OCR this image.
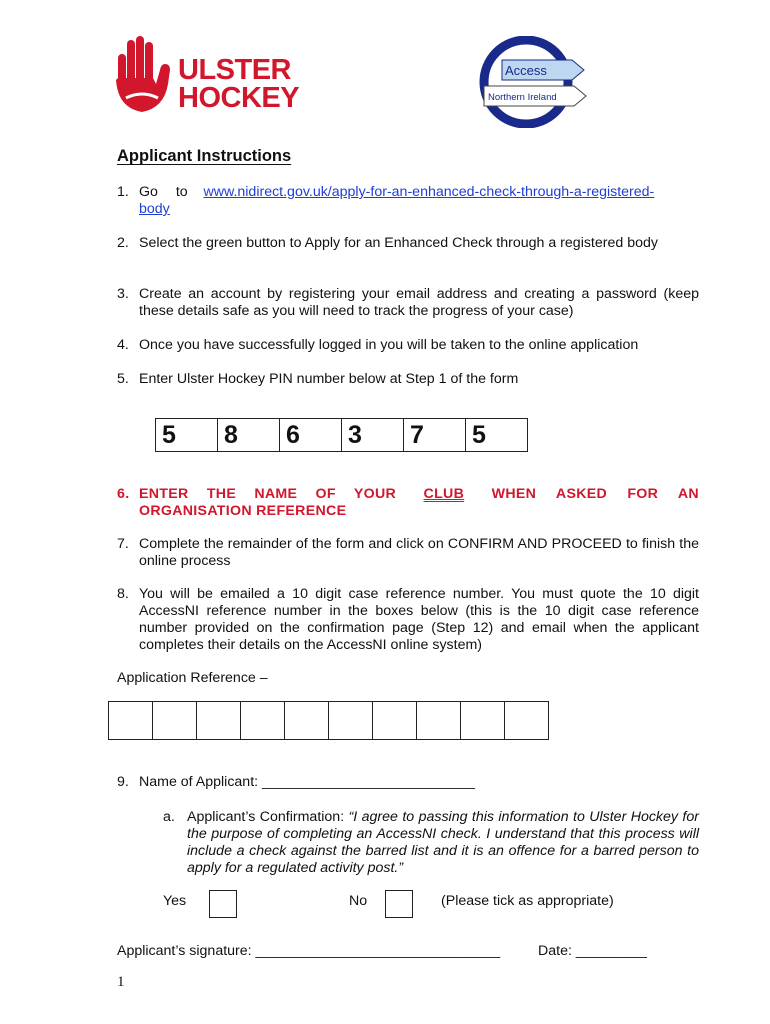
ULSTER
HOCKEY
Access
Northern Ireland
Applicant Instructions
1. Go to www.nidirect.gov.uk/apply-for-an-enhanced-check-through-a-registered-
body
2. Select the green button to Apply for an Enhanced Check through a registered body
3. Create an account by registering your email address and creating a password (keep these details safe as you will need to track the progress of your case)
4. Once you have successfully logged in you will be taken to the online application
5. Enter Ulster Hockey PIN number below at Step 1 of the form
5	8	6	3	7	5
6. ENTER THE NAME OF YOUR CLUB WHEN ASKED FOR AN
ORGANISATION REFERENCE
7. Complete the remainder of the form and click on CONFIRM AND PROCEED to finish the online process
8. You will be emailed a 10 digit case reference number. You must quote the 10 digit AccessNI reference number in the boxes below (this is the 10 digit case reference number provided on the confirmation page (Step 12) and email when the applicant completes their details on the AccessNI online system)
Application Reference –

9. Name of Applicant: ___________________________
a. Applicant’s Confirmation: “I agree to passing this information to Ulster Hockey for the purpose of completing an AccessNI check. I understand that this process will include a check against the barred list and it is an offence for a barred person to apply for a regulated activity post.”
Yes	No	(Please tick as appropriate)
Applicant’s signature: _______________________________	Date: _________
1
